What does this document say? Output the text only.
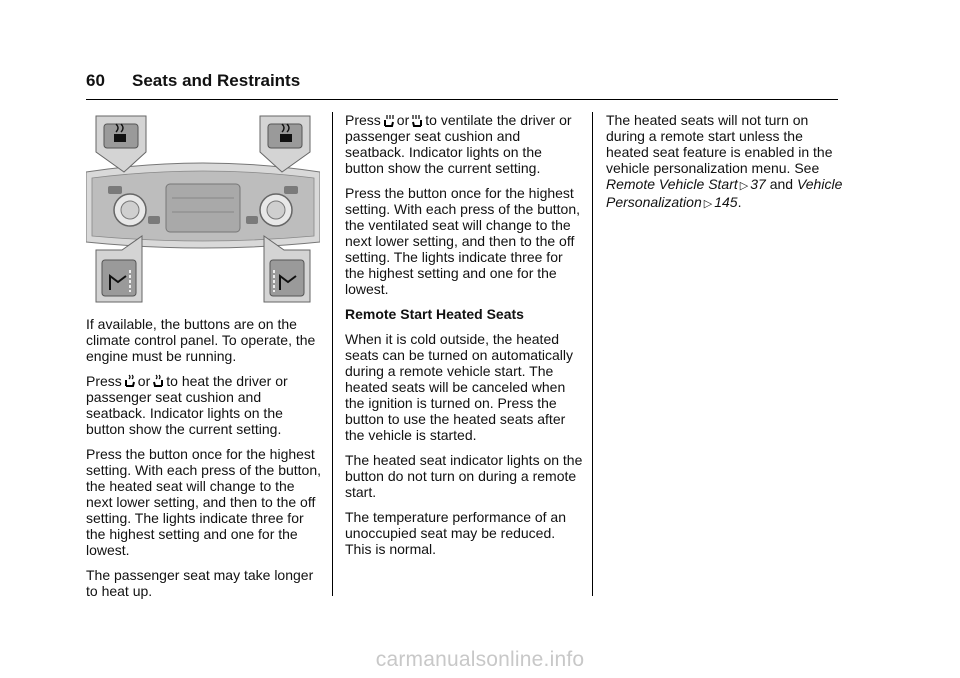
60 Seats and Restraints

If available, the buttons are on the climate control panel. To operate, the engine must be running.

Press or to heat the driver or passenger seat cushion and seatback. Indicator lights on the button show the current setting.

Press the button once for the highest setting. With each press of the button, the heated seat will change to the next lower setting, and then to the off setting. The lights indicate three for the highest setting and one for the lowest.

The passenger seat may take longer to heat up.

Press or to ventilate the driver or passenger seat cushion and seatback. Indicator lights on the button show the current setting.

Press the button once for the highest setting. With each press of the button, the ventilated seat will change to the next lower setting, and then to the off setting. The lights indicate three for the highest setting and one for the lowest.

Remote Start Heated Seats

When it is cold outside, the heated seats can be turned on automatically during a remote vehicle start. The heated seats will be canceled when the ignition is turned on. Press the button to use the heated seats after the vehicle is started.

The heated seat indicator lights on the button do not turn on during a remote start.

The temperature performance of an unoccupied seat may be reduced. This is normal.

The heated seats will not turn on during a remote start unless the heated seat feature is enabled in the vehicle personalization menu. See Remote Vehicle Start ▷ 37 and Vehicle Personalization ▷ 145.

carmanualsonline.info
